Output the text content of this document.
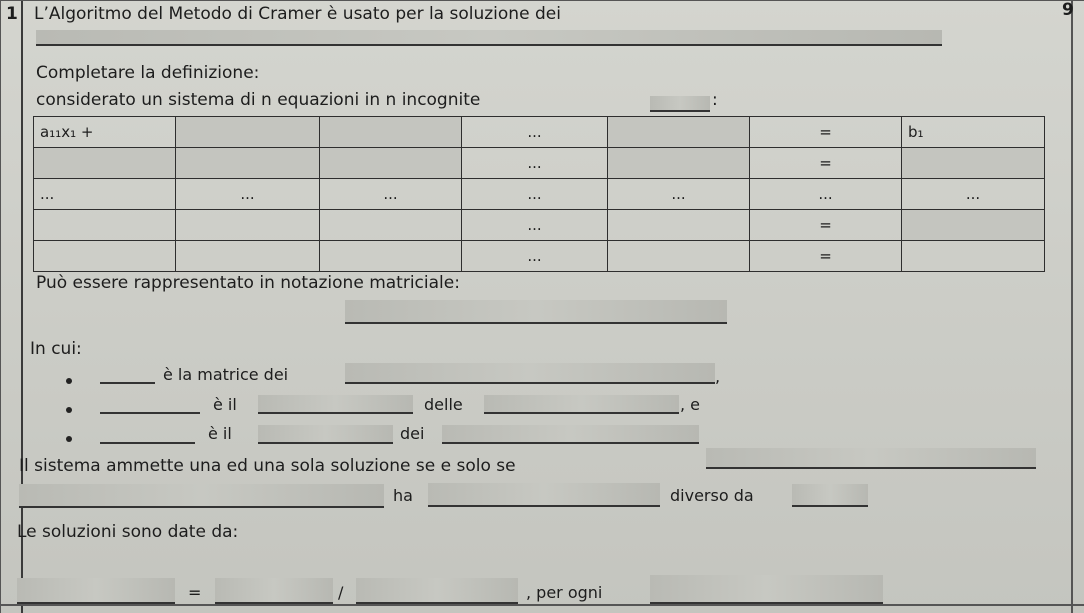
1 L’Algoritmo del Metodo di Cramer è usato per la soluzione dei	9
Completare la definizione:
considerato un sistema di n equazioni in n incognite	:
a₁₁x₁ +			...		=	b₁
			...		=	
...	...	...	...	...	...	...
			...		=	
			...		=	
Può essere rappresentato in notazione matriciale:
In cui:
è la matrice dei	,
è il	delle	, e
è il	dei
Il sistema ammette una ed una sola soluzione se e solo se
ha	diverso da
Le soluzioni sono date da:
=	/	, per ogni
